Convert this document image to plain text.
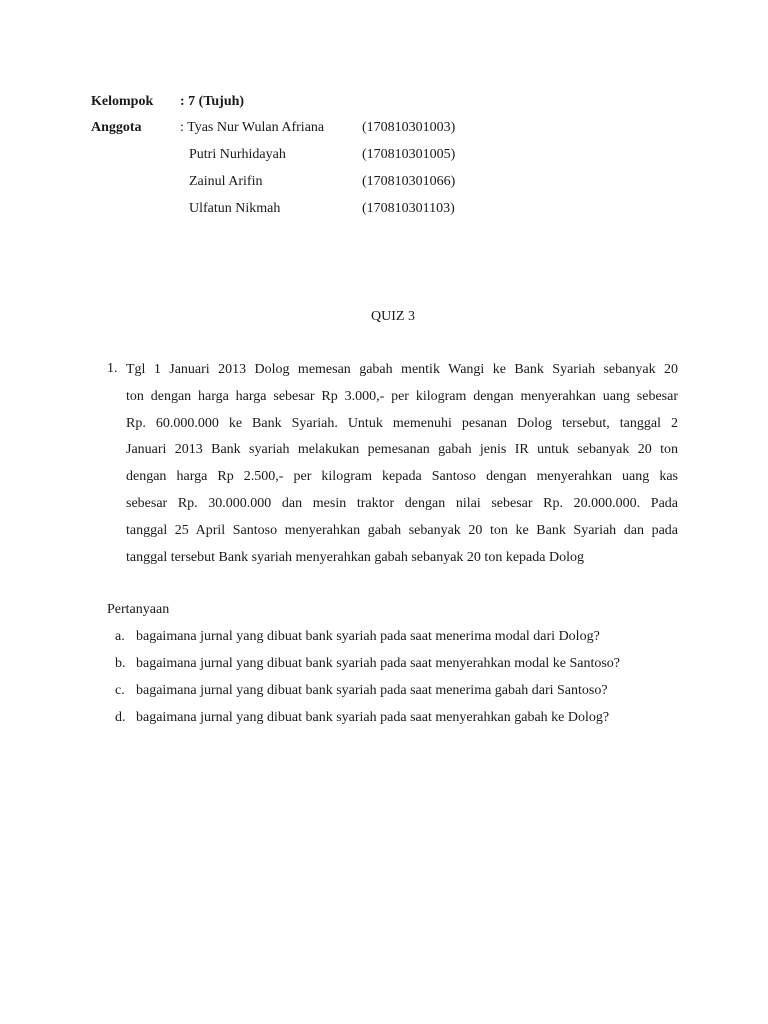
Kelompok : 7 (Tujuh)
Anggota	: Tyas Nur Wulan Afriana	(170810301003)
Putri Nurhidayah	(170810301005)
Zainul Arifin	(170810301066)
Ulfatun Nikmah	(170810301103)
QUIZ 3
1. Tgl 1 Januari 2013 Dolog memesan gabah mentik Wangi ke Bank Syariah sebanyak 20
ton dengan harga harga sebesar Rp 3.000,- per kilogram dengan menyerahkan uang sebesar
Rp. 60.000.000 ke Bank Syariah. Untuk memenuhi pesanan Dolog tersebut, tanggal 2
Januari 2013 Bank syariah melakukan pemesanan gabah jenis IR untuk sebanyak 20 ton
dengan harga Rp 2.500,- per kilogram kepada Santoso dengan menyerahkan uang kas
sebesar Rp. 30.000.000 dan mesin traktor dengan nilai sebesar Rp. 20.000.000. Pada
tanggal 25 April Santoso menyerahkan gabah sebanyak 20 ton ke Bank Syariah dan pada
tanggal tersebut Bank syariah menyerahkan gabah sebanyak 20 ton kepada Dolog
Pertanyaan
a. bagaimana jurnal yang dibuat bank syariah pada saat menerima modal dari Dolog?
b. bagaimana jurnal yang dibuat bank syariah pada saat menyerahkan modal ke Santoso?
c. bagaimana jurnal yang dibuat bank syariah pada saat menerima gabah dari Santoso?
d. bagaimana jurnal yang dibuat bank syariah pada saat menyerahkan gabah ke Dolog?
